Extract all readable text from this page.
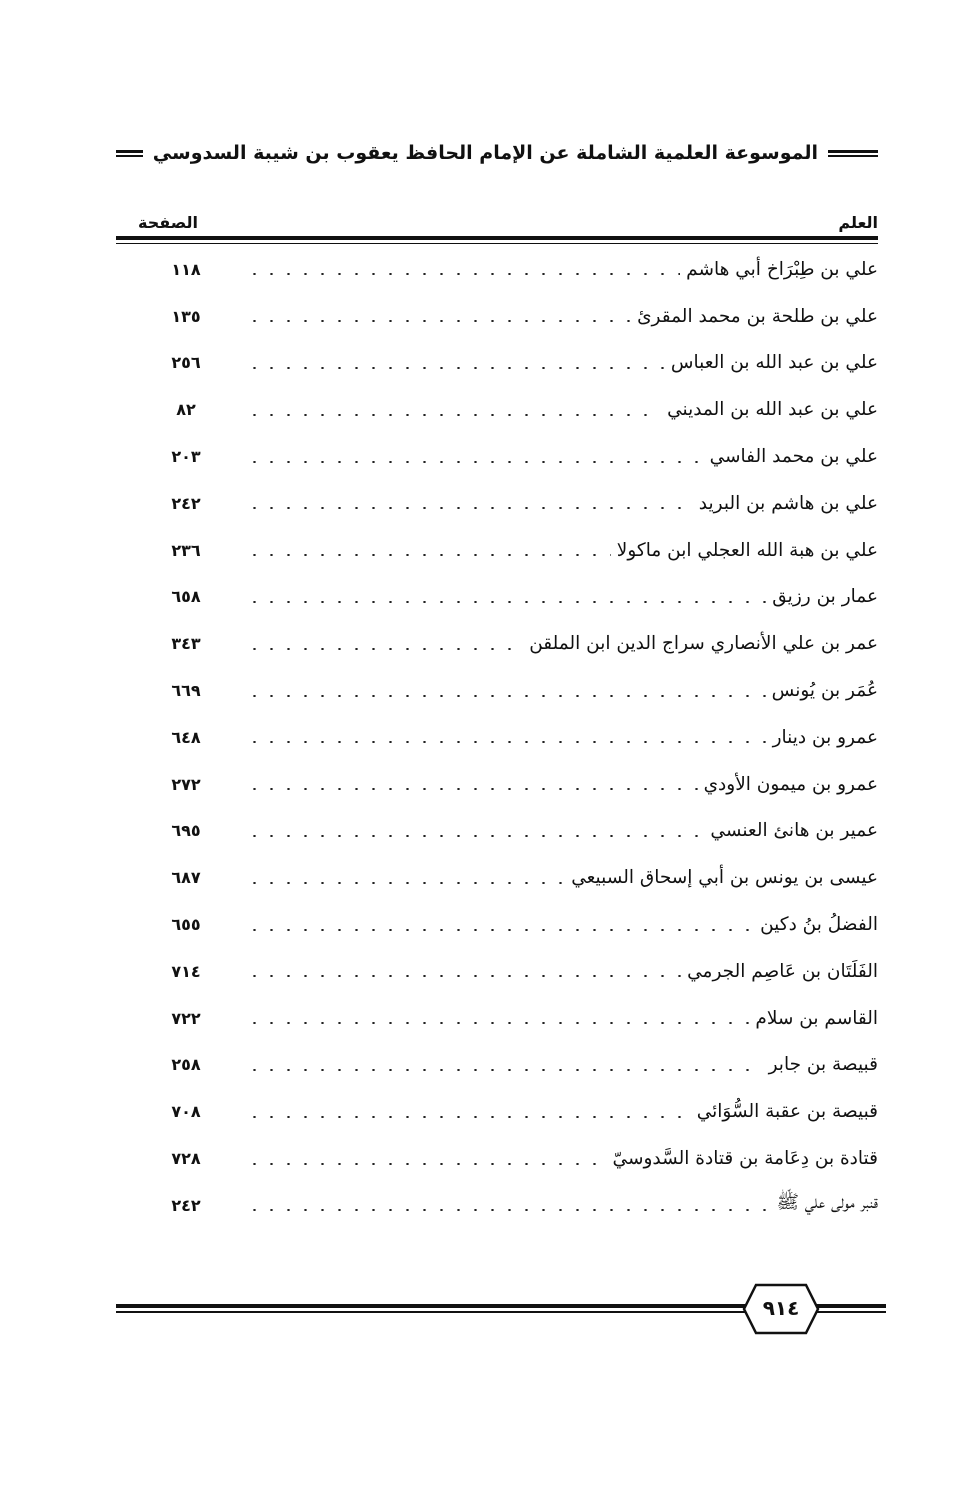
الموسوعة العلمية الشاملة عن الإمام الحافظ يعقوب بن شيبة السدوسي
العلم
الصفحة
علي بن طِبْرَاخ أبي هاشم
١١٨
علي بن طلحة بن محمد المقرئ
١٣٥
علي بن عبد الله بن العباس
٢٥٦
علي بن عبد الله بن المديني
٨٢
علي بن محمد الفاسي
٢٠٣
علي بن هاشم بن البريد
٢٤٢
علي بن هبة الله العجلي ابن ماكولا
٢٣٦
عمار بن رزيق
٦٥٨
عمر بن علي الأنصاري سراج الدين ابن الملقن
٣٤٣
عُمَر بن يُونس
٦٦٩
عمرو بن دينار
٦٤٨
عمرو بن ميمون الأودي
٢٧٢
عمير بن هانئ العنسي
٦٩٥
عيسى بن يونس بن أبي إسحاق السبيعي
٦٨٧
الفضلُ بنُ دكين
٦٥٥
الفَلَتَان بن عَاصِم الجرمي
٧١٤
القاسم بن سلام
٧٢٢
قبيصة بن جابر
٢٥٨
قبيصة بن عقبة السُّوَائي
٧٠٨
قتادة بن دِعَامة بن قتادة السَّدوسيّ
٧٢٨
قنبر مولى علي ﷺ
٢٤٢
٩١٤
